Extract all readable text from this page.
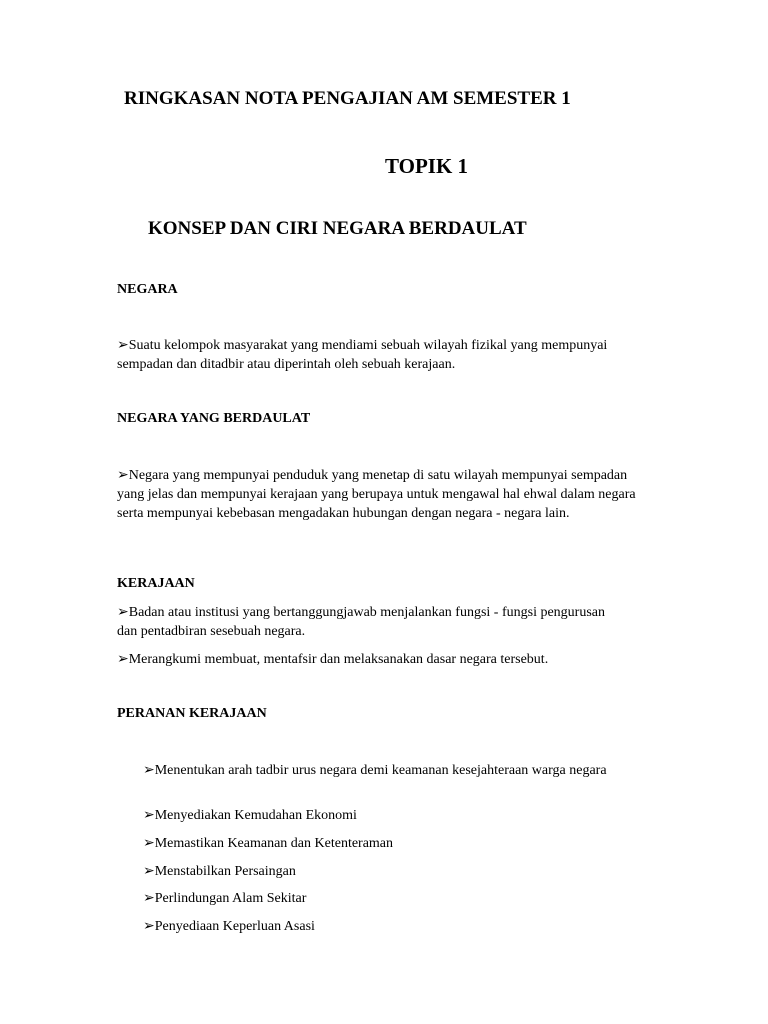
RINGKASAN NOTA PENGAJIAN AM SEMESTER 1
TOPIK 1
KONSEP DAN CIRI NEGARA BERDAULAT
NEGARA
➢Suatu kelompok masyarakat yang mendiami sebuah wilayah fizikal yang mempunyai sempadan dan ditadbir atau diperintah oleh sebuah kerajaan.
NEGARA YANG BERDAULAT
➢Negara yang mempunyai penduduk yang menetap di satu wilayah mempunyai sempadan yang jelas dan mempunyai kerajaan yang berupaya untuk mengawal hal ehwal dalam negara serta mempunyai kebebasan mengadakan hubungan dengan negara - negara lain.
KERAJAAN
➢Badan atau institusi yang bertanggungjawab menjalankan fungsi - fungsi pengurusan dan pentadbiran sesebuah negara.
➢Merangkumi membuat, mentafsir dan melaksanakan dasar negara tersebut.
PERANAN KERAJAAN
➢Menentukan arah tadbir urus negara demi keamanan kesejahteraan warga negara
➢Menyediakan Kemudahan Ekonomi
➢Memastikan Keamanan dan Ketenteraman
➢Menstabilkan Persaingan
➢Perlindungan Alam Sekitar
➢Penyediaan Keperluan Asasi
